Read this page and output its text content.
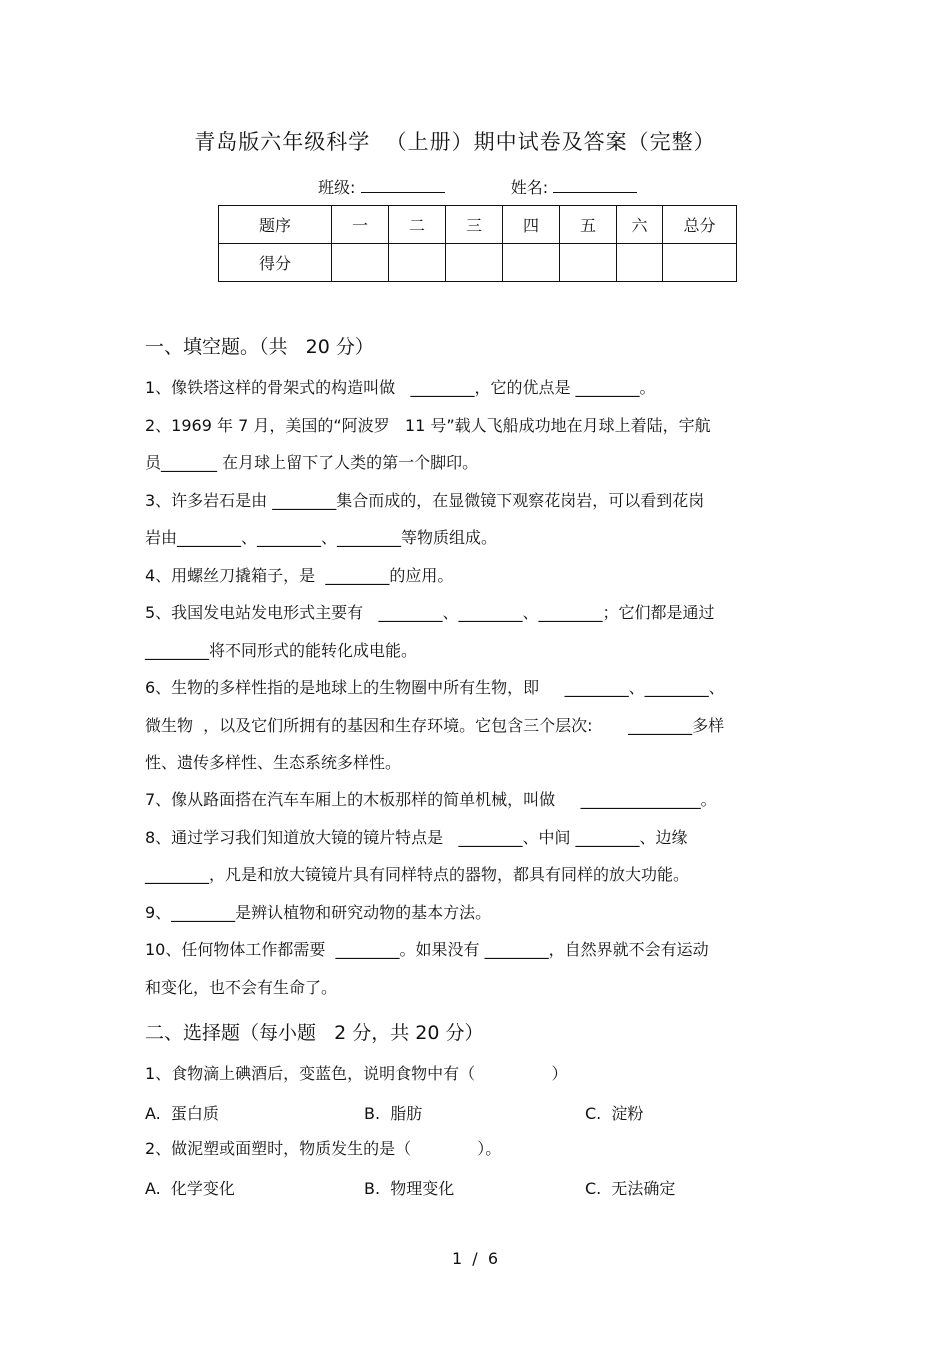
青岛版六年级科学  （上册）期中试卷及答案（完整）
班级:	姓名:
题序	一	二	三	四	五	六	总分
得分							
一、填空题。（共   20 分）
1、像铁塔这样的骨架式的构造叫做   ________，它的优点是 ________。
2、1969 年 7 月，美国的“阿波罗   11 号”载人飞船成功地在月球上着陆，宇航
员_______ 在月球上留下了人类的第一个脚印。
3、许多岩石是由 ________集合而成的，在显微镜下观察花岗岩，可以看到花岗
岩由________、________、________等物质组成。
4、用螺丝刀撬箱子，是  ________的应用。
5、我国发电站发电形式主要有   ________、________、________；它们都是通过
________将不同形式的能转化成电能。
6、生物的多样性指的是地球上的生物圈中所有生物，即     ________、________、
微生物  ，以及它们所拥有的基因和生存环境。它包含三个层次:       ________多样
性、遗传多样性、生态系统多样性。
7、像从路面搭在汽车车厢上的木板那样的简单机械，叫做     _______________。
8、通过学习我们知道放大镜的镜片特点是   ________、中间 ________、边缘
________，凡是和放大镜镜片具有同样特点的器物，都具有同样的放大功能。
9、________是辨认植物和研究动物的基本方法。
10、任何物体工作都需要  ________。如果没有 ________，自然界就不会有运动
和变化，也不会有生命了。
二、选择题（每小题   2 分，共 20 分）
1、食物滴上碘酒后，变蓝色，说明食物中有（               ）
A.  蛋白质	B.  脂肪	C.  淀粉
2、做泥塑或面塑时，物质发生的是（             ）。
A.  化学变化	B.  物理变化	C.  无法确定
1  /  6
